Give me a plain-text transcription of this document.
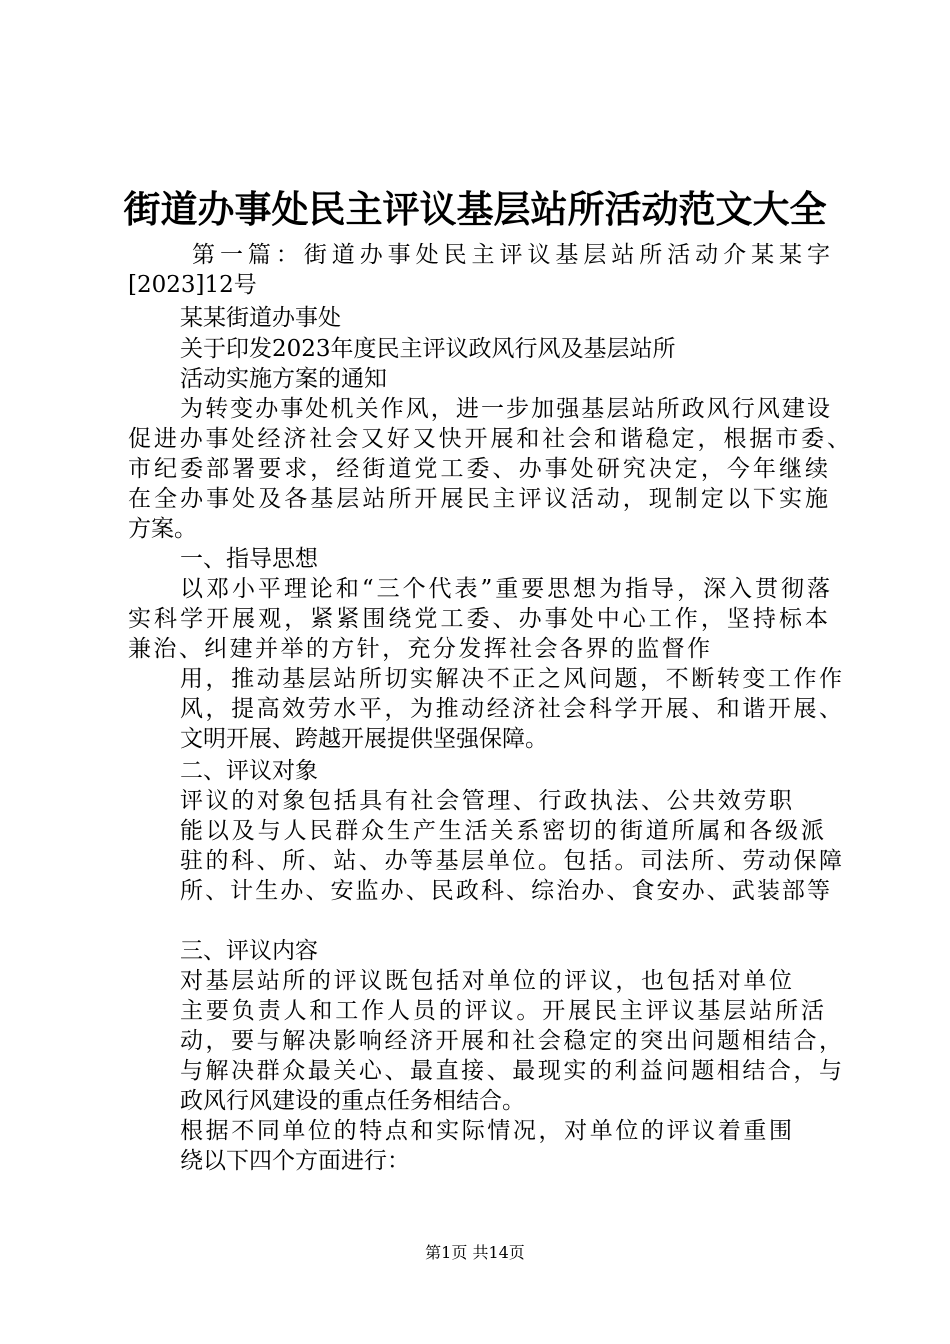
街道办事处民主评议基层站所活动范文大全
第一篇：街道办事处民主评议基层站所活动介某某字
[2023]12号
某某街道办事处
关于印发2023年度民主评议政风行风及基层站所
活动实施方案的通知
为转变办事处机关作风，进一步加强基层站所政风行风建设
促进办事处经济社会又好又快开展和社会和谐稳定，根据市委、
市纪委部署要求，经街道党工委、办事处研究决定，今年继续
在全办事处及各基层站所开展民主评议活动，现制定以下实施
方案。
一、指导思想
以邓小平理论和“三个代表”重要思想为指导，深入贯彻落
实科学开展观，紧紧围绕党工委、办事处中心工作，坚持标本
兼治、纠建并举的方针，充分发挥社会各界的监督作
用，推动基层站所切实解决不正之风问题，不断转变工作作
风，提高效劳水平，为推动经济社会科学开展、和谐开展、
文明开展、跨越开展提供坚强保障。
二、评议对象
评议的对象包括具有社会管理、行政执法、公共效劳职
能以及与人民群众生产生活关系密切的街道所属和各级派
驻的科、所、站、办等基层单位。包括。司法所、劳动保障
所、计生办、安监办、民政科、综治办、食安办、武装部等
三、评议内容
对基层站所的评议既包括对单位的评议，也包括对单位
主要负责人和工作人员的评议。开展民主评议基层站所活
动，要与解决影响经济开展和社会稳定的突出问题相结合，
与解决群众最关心、最直接、最现实的利益问题相结合，与
政风行风建设的重点任务相结合。
根据不同单位的特点和实际情况，对单位的评议着重围
绕以下四个方面进行：
第1页 共14页
